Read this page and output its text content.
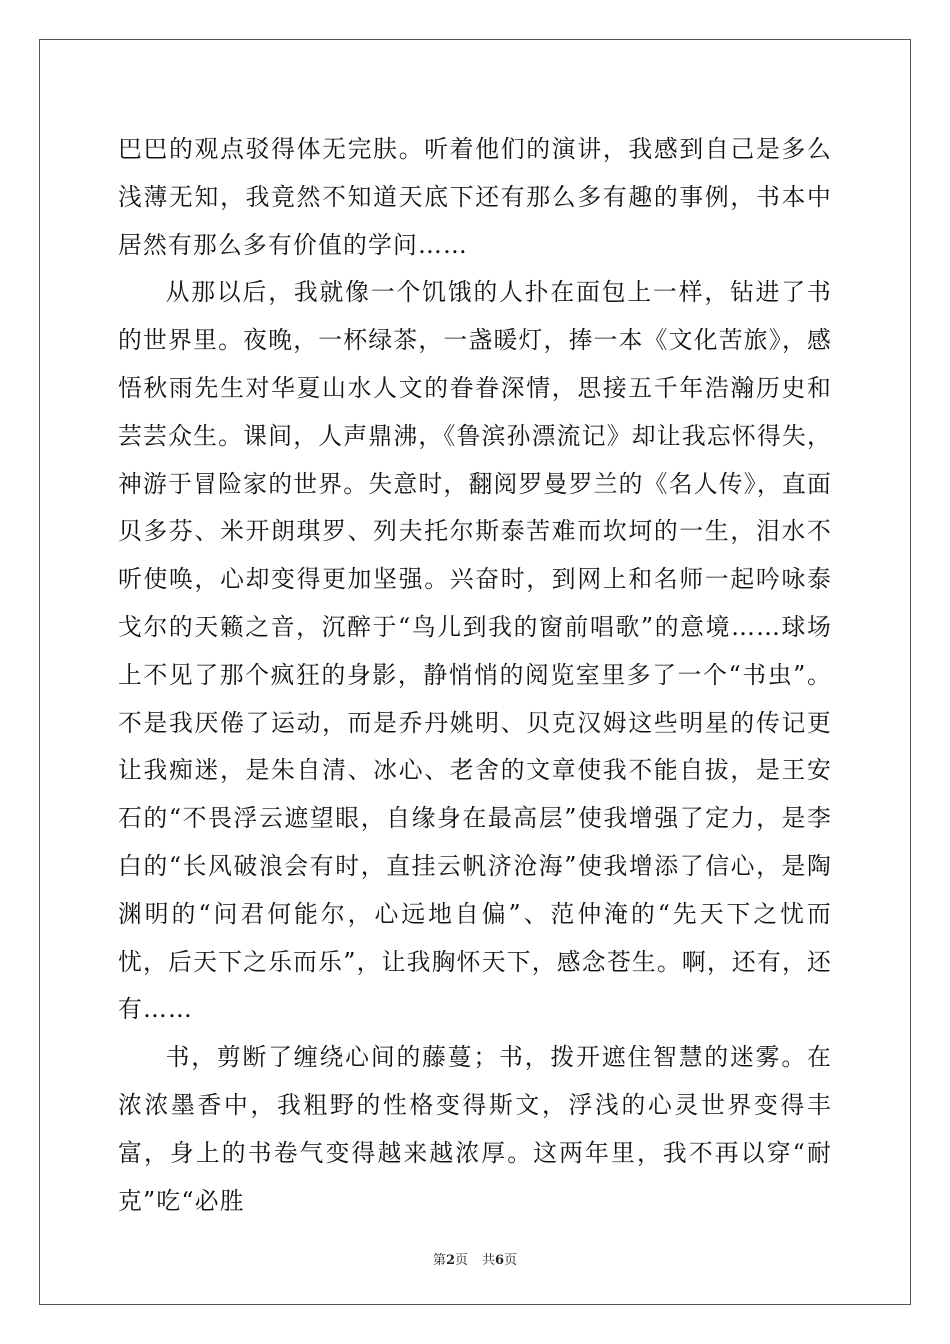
巴巴的观点驳得体无完肤。听着他们的演讲，我感到自己是多么浅薄无知，我竟然不知道天底下还有那么多有趣的事例，书本中居然有那么多有价值的学问……

从那以后，我就像一个饥饿的人扑在面包上一样，钻进了书的世界里。夜晚，一杯绿茶，一盏暖灯，捧一本《文化苦旅》，感悟秋雨先生对华夏山水人文的眷眷深情，思接五千年浩瀚历史和芸芸众生。课间，人声鼎沸，《鲁滨孙漂流记》却让我忘怀得失，神游于冒险家的世界。失意时，翻阅罗曼罗兰的《名人传》，直面贝多芬、米开朗琪罗、列夫托尔斯泰苦难而坎坷的一生，泪水不听使唤，心却变得更加坚强。兴奋时，到网上和名师一起吟咏泰戈尔的天籁之音，沉醉于“鸟儿到我的窗前唱歌”的意境……球场上不见了那个疯狂的身影，静悄悄的阅览室里多了一个“书虫”。不是我厌倦了运动，而是乔丹姚明、贝克汉姆这些明星的传记更让我痴迷，是朱自清、冰心、老舍的文章使我不能自拔，是王安石的“不畏浮云遮望眼，自缘身在最高层”使我增强了定力，是李白的“长风破浪会有时，直挂云帆济沧海”使我增添了信心，是陶渊明的“问君何能尔，心远地自偏”、范仲淹的“先天下之忧而忧，后天下之乐而乐”，让我胸怀天下，感念苍生。啊，还有，还有……

书，剪断了缠绕心间的藤蔓；书，拨开遮住智慧的迷雾。在浓浓墨香中，我粗野的性格变得斯文，浮浅的心灵世界变得丰富，身上的书卷气变得越来越浓厚。这两年里，我不再以穿“耐克”吃“必胜

第2页 共6页
